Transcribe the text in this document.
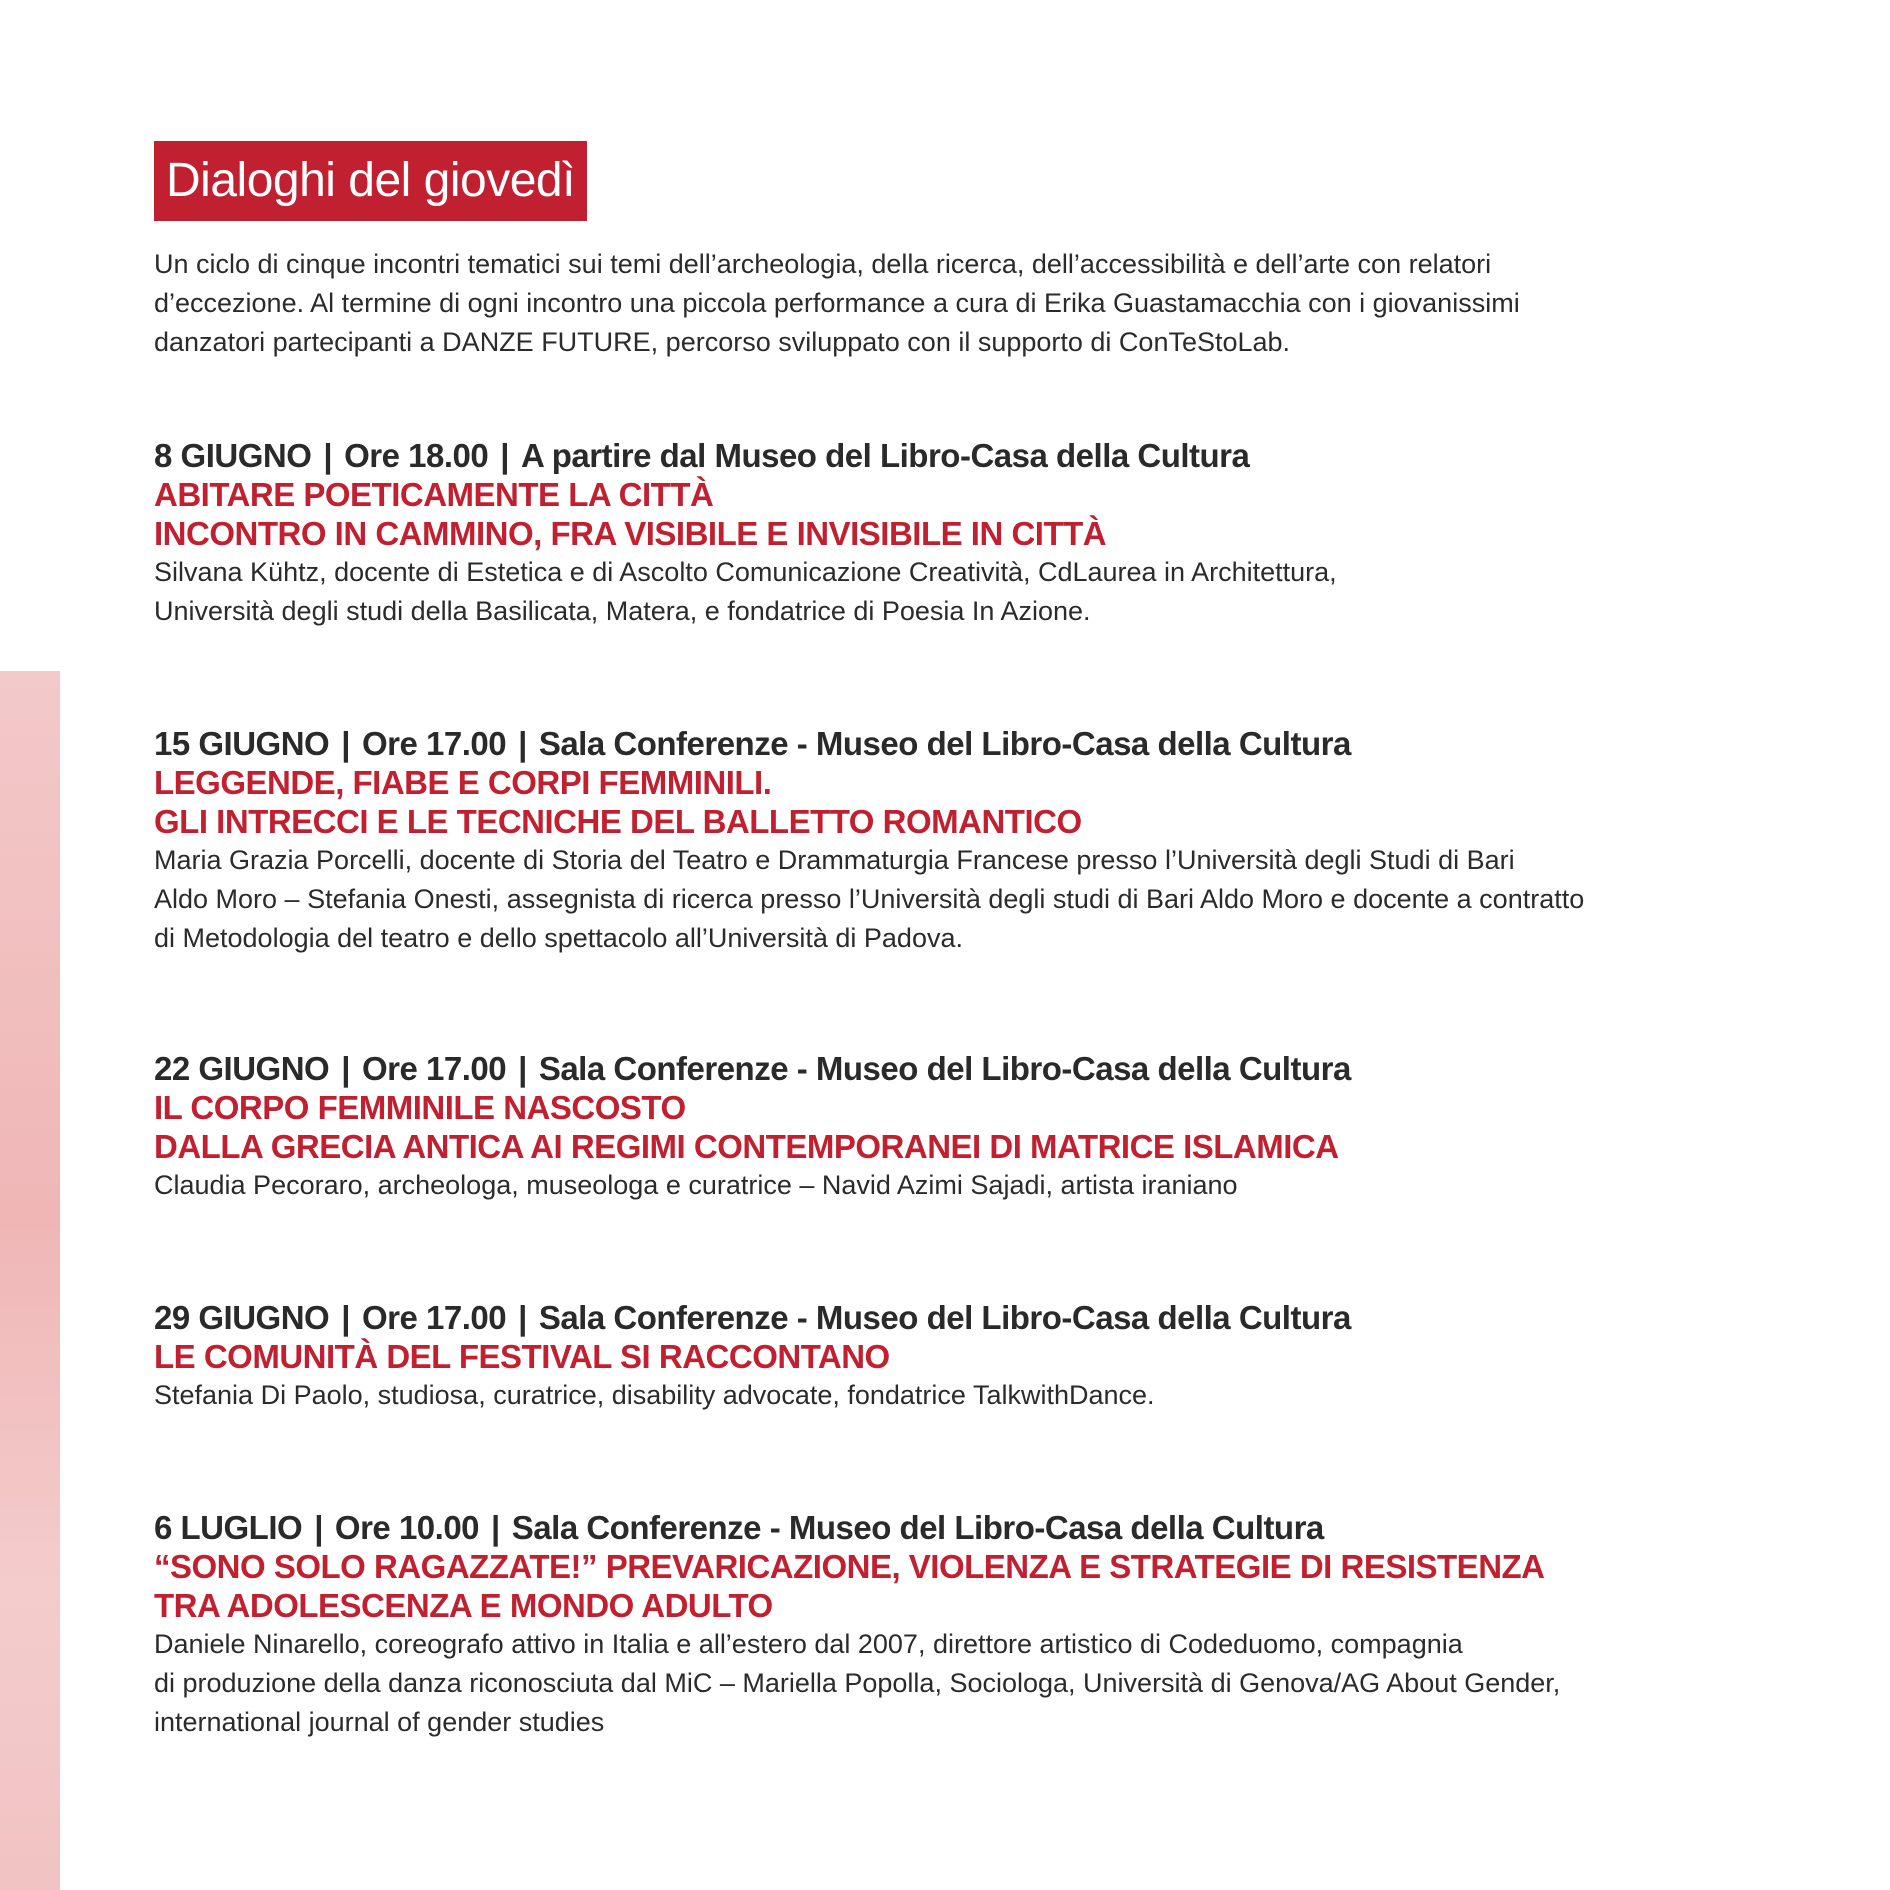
Dialoghi del giovedì
Un ciclo di cinque incontri tematici sui temi dell’archeologia, della ricerca, dell’accessibilità e dell’arte con relatori
d’eccezione. Al termine di ogni incontro una piccola performance a cura di Erika Guastamacchia con i giovanissimi
danzatori partecipanti a DANZE FUTURE, percorso sviluppato con il supporto di ConTeStoLab.
8 GIUGNO | Ore 18.00 | A partire dal Museo del Libro-Casa della Cultura
ABITARE POETICAMENTE LA CITTÀ
INCONTRO IN CAMMINO, FRA VISIBILE E INVISIBILE IN CITTÀ
Silvana Kühtz, docente di Estetica e di Ascolto Comunicazione Creatività, CdLaurea in Architettura,
Università degli studi della Basilicata, Matera, e fondatrice di Poesia In Azione.
15 GIUGNO | Ore 17.00 | Sala Conferenze - Museo del Libro-Casa della Cultura
LEGGENDE, FIABE E CORPI FEMMINILI.
GLI INTRECCI E LE TECNICHE DEL BALLETTO ROMANTICO
Maria Grazia Porcelli, docente di Storia del Teatro e Drammaturgia Francese presso l’Università degli Studi di Bari
Aldo Moro – Stefania Onesti, assegnista di ricerca presso l’Università degli studi di Bari Aldo Moro e docente a contratto
di Metodologia del teatro e dello spettacolo all’Università di Padova.
22 GIUGNO | Ore 17.00 | Sala Conferenze - Museo del Libro-Casa della Cultura
IL CORPO FEMMINILE NASCOSTO
DALLA GRECIA ANTICA AI REGIMI CONTEMPORANEI DI MATRICE ISLAMICA
Claudia Pecoraro, archeologa, museologa e curatrice – Navid Azimi Sajadi, artista iraniano
29 GIUGNO | Ore 17.00 | Sala Conferenze - Museo del Libro-Casa della Cultura
LE COMUNITÀ DEL FESTIVAL SI RACCONTANO
Stefania Di Paolo, studiosa, curatrice, disability advocate, fondatrice TalkwithDance.
6 LUGLIO | Ore 10.00 | Sala Conferenze - Museo del Libro-Casa della Cultura
“SONO SOLO RAGAZZATE!” PREVARICAZIONE, VIOLENZA E STRATEGIE DI RESISTENZA
TRA ADOLESCENZA E MONDO ADULTO
Daniele Ninarello, coreografo attivo in Italia e all’estero dal 2007, direttore artistico di Codeduomo, compagnia
di produzione della danza riconosciuta dal MiC – Mariella Popolla, Sociologa, Università di Genova/AG About Gender,
international journal of gender studies
